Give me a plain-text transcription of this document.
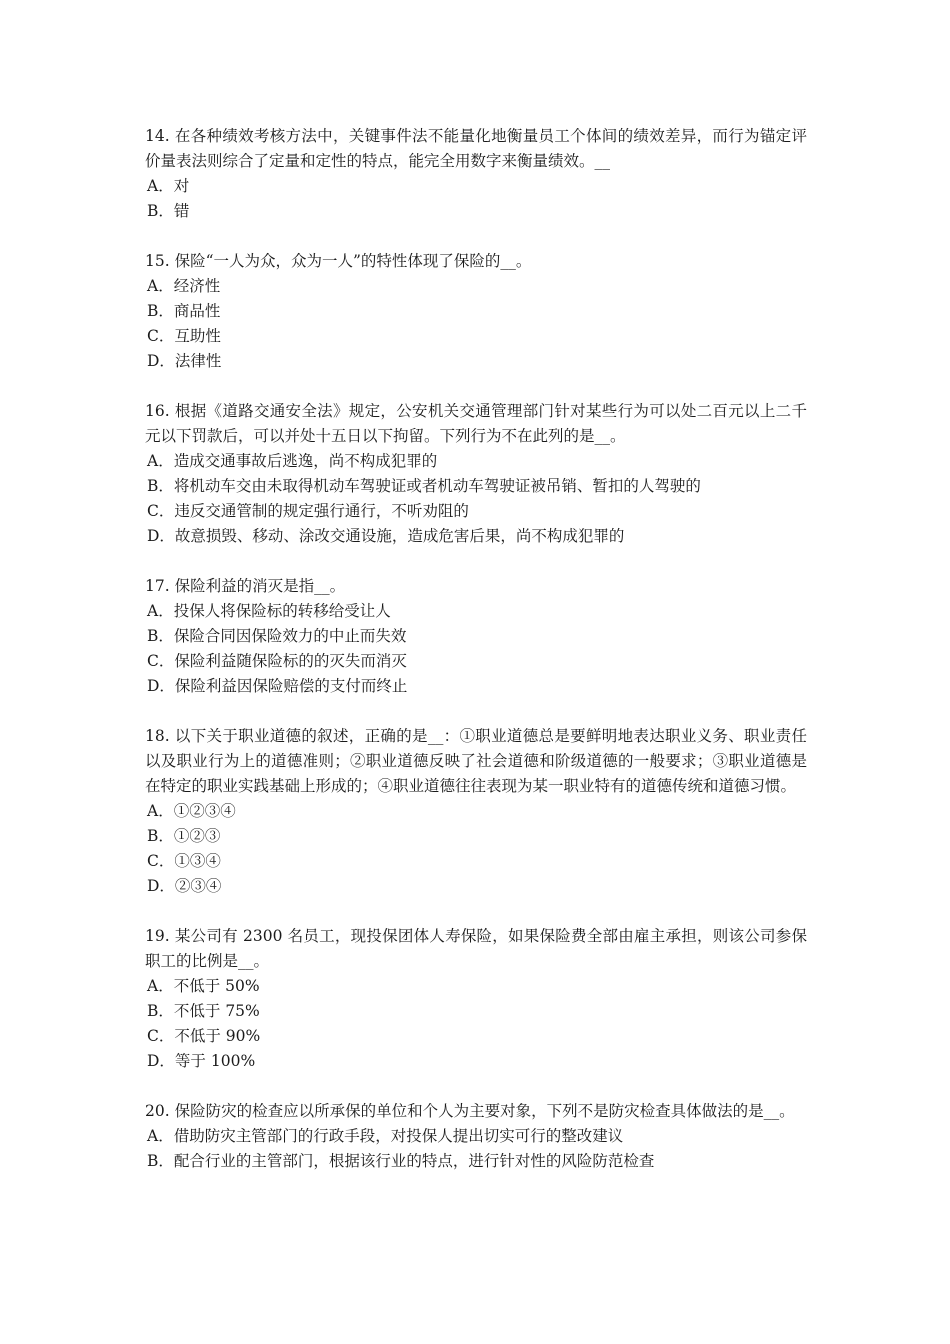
14. 在各种绩效考核方法中，关键事件法不能量化地衡量员工个体间的绩效差异，而行为锚定评价量表法则综合了定量和定性的特点，能完全用数字来衡量绩效。__

A．对

B．错

15. 保险“一人为众，众为一人”的特性体现了保险的__。

A．经济性

B．商品性

C．互助性

D．法律性

16. 根据《道路交通安全法》规定，公安机关交通管理部门针对某些行为可以处二百元以上二千元以下罚款后，可以并处十五日以下拘留。下列行为不在此列的是__。

A．造成交通事故后逃逸，尚不构成犯罪的

B．将机动车交由未取得机动车驾驶证或者机动车驾驶证被吊销、暂扣的人驾驶的

C．违反交通管制的规定强行通行，不听劝阻的

D．故意损毁、移动、涂改交通设施，造成危害后果，尚不构成犯罪的

17. 保险利益的消灭是指__。

A．投保人将保险标的转移给受让人

B．保险合同因保险效力的中止而失效

C．保险利益随保险标的的灭失而消灭

D．保险利益因保险赔偿的支付而终止

18. 以下关于职业道德的叙述，正确的是__：①职业道德总是要鲜明地表达职业义务、职业责任以及职业行为上的道德准则；②职业道德反映了社会道德和阶级道德的一般要求；③职业道德是在特定的职业实践基础上形成的；④职业道德往往表现为某一职业特有的道德传统和道德习惯。

A．①②③④

B．①②③

C．①③④

D．②③④

19. 某公司有 2300 名员工，现投保团体人寿保险，如果保险费全部由雇主承担，则该公司参保职工的比例是__。

A．不低于 50%

B．不低于 75%

C．不低于 90%

D．等于 100%

20. 保险防灾的检查应以所承保的单位和个人为主要对象，下列不是防灾检查具体做法的是__。

A．借助防灾主管部门的行政手段，对投保人提出切实可行的整改建议

B．配合行业的主管部门，根据该行业的特点，进行针对性的风险防范检查
